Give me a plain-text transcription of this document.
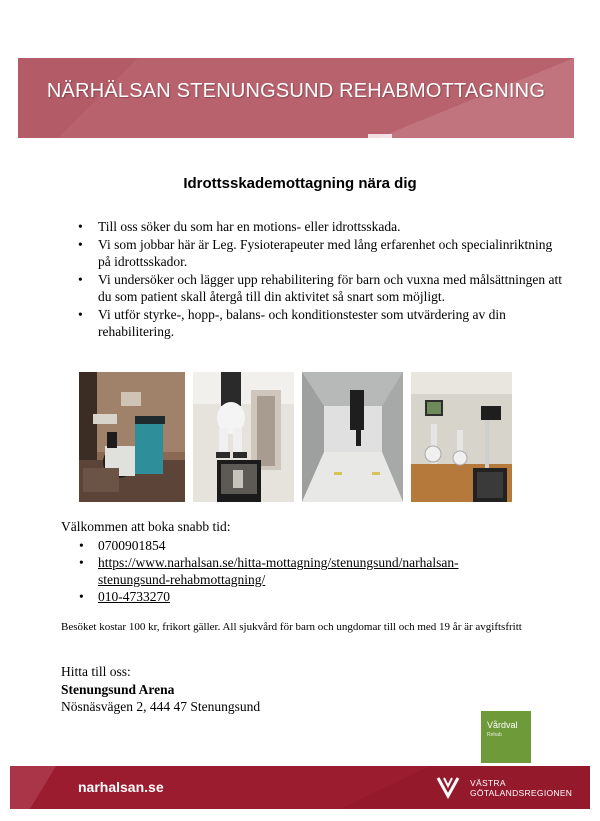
NÄRHÄLSAN STENUNGSUND REHABMOTTAGNING
Idrottsskademottagning nära dig
• Till oss söker du som har en motions- eller idrottsskada.
• Vi som jobbar här är Leg. Fysioterapeuter med lång erfarenhet och specialinriktning på idrottsskador.
• Vi undersöker och lägger upp rehabilitering för barn och vuxna med målsättningen att du som patient skall återgå till din aktivitet så snart som möjligt.
• Vi utför styrke-, hopp-, balans- och konditionstester som utvärdering av din rehabilitering.
Välkommen att boka snabb tid:
• 0700901854
• https://www.narhalsan.se/hitta-mottagning/stenungsund/narhalsan-
stenungsund-rehabmottagning/
• 010-4733270
Besöket kostar 100 kr, frikort gäller. All sjukvård för barn och ungdomar till och med 19 år är avgiftsfritt
Hitta till oss:
Stenungsund Arena
Nösnäsvägen 2, 444 47 Stenungsund
Vårdval
Rehab
narhalsan.se	VÄSTRA
GÖTALANDSREGIONEN
